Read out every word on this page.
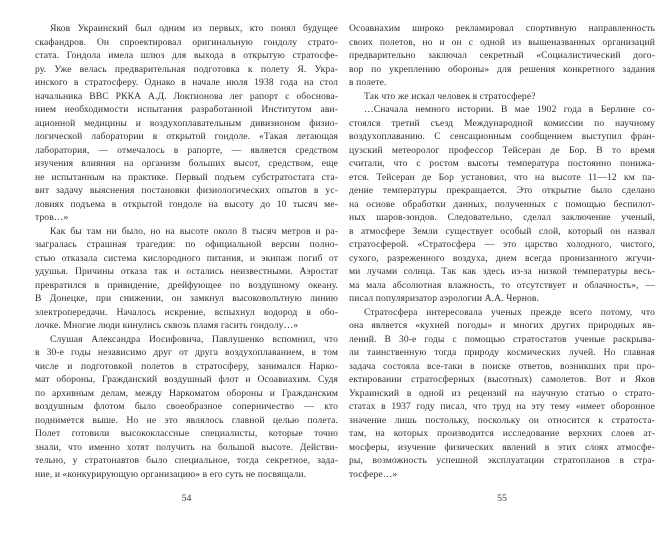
Яков Украинский был одним из первых, кто понял будущее
скафандров. Он спроектировал оригинальную гондолу страто-
стата. Гондола имела шлюз для выхода в открытую стратосфе-
ру. Уже велась предварительная подготовка к полету Я. Укра-
инского в стратосферу. Однако в начале июля 1938 года на стол
начальника ВВС РККА А.Д. Локтионова лег рапорт с обоснова-
нием необходимости испытания разработанной Институтом ави-
ационной медицины и воздухоплавательным дивизионом физио-
логической лаборатории в открытой гондоле. «Такая летающая
лаборатория, — отмечалось в рапорте, — является средством
изучения влияния на организм больших высот, средством, еще
не испытанным на практике. Первый подъем субстратостата ста-
вит задачу выяснения постановки физиологических опытов в ус-
ловиях подъема в открытой гондоле на высоту до 10 тысяч ме-
тров…»
Как бы там ни было, но на высоте около 8 тысяч метров и ра-
зыгралась страшная трагедия: по официальной версии полно-
стью отказала система кислородного питания, и экипаж погиб от
удушья. Причины отказа так и остались неизвестными. Аэростат
превратился в привидение, дрейфующее по воздушному океану.
В Донецке, при снижении, он замкнул высоковольтную линию
электропередачи. Началось искрение, вспыхнул водород в обо-
лочке. Многие люди кинулись сквозь пламя гасить гондолу…»
Слушая Александра Иосифовича, Павлушенко вспомнил, что
в 30-е годы независимо друг от друга воздухоплаванием, в том
числе и подготовкой полетов в стратосферу, занимался Нарко-
мат обороны, Гражданский воздушный флот и Осоавиахим. Судя
по архивным делам, между Наркоматом обороны и Гражданским
воздушным флотом было своеобразное соперничество — кто
поднимется выше. Но не это являлось главной целью полета.
Полет готовили высококлассные специалисты, которые точно
знали, что именно хотят получить на большой высоте. Действи-
тельно, у стратонавтов было специальное, тогда секретное, зада-
ние, и «конкурирующую организацию» в его суть не посвящали.
54
Осоавиахим широко рекламировал спортивную направленность
своих полетов, но и он с одной из вышеназванных организаций
предварительно заключал секретный «Социалистический дого-
вор по укреплению обороны» для решения конкретного задания
в полете.
Так что же искал человек в стратосфере?
…Сначала немного истории. В мае 1902 года в Берлине со-
стоялся третий съезд Международной комиссии по научному
воздухоплаванию. С сенсационным сообщением выступил фран-
цузский метеоролог профессор Тейсеран де Бор. В то время
считали, что с ростом высоты температура постоянно понижа-
ется. Тейсеран де Бор установил, что на высоте 11—12 км па-
дение температуры прекращается. Это открытие было сделано
на основе обработки данных, полученных с помощью беспилот-
ных шаров-зондов. Следовательно, сделал заключение ученый,
в атмосфере Земли существует особый слой, который он назвал
стратосферой. «Стратосфера — это царство холодного, чистого,
сухого, разреженного воздуха, днем всегда пронизанного жгучи-
ми лучами солнца. Так как здесь из-за низкой температуры весь-
ма мала абсолютная влажность, то отсутствует и облачность», —
писал популяризатор аэрологии А.А. Чернов.
Стратосфера интересовала ученых прежде всего потому, что
она является «кухней погоды» и многих других природных яв-
лений. В 30-е годы с помощью стратостатов ученые раскрыва-
ли таинственную тогда природу космических лучей. Но главная
задача состояла все-таки в поиске ответов, возникших при про-
ектировании стратосферных (высотных) самолетов. Вот и Яков
Украинский в одной из рецензий на научную статью о страто-
статах в 1937 году писал, что труд на эту тему «имеет оборонное
значение лишь постольку, поскольку он относится к стратоста-
там, на которых производится исследование верхних слоев ат-
мосферы, изучение физических явлений в этих слоях атмосфе-
ры, возможность успешной эксплуатации стратопланов в стра-
тосфере…»
55
